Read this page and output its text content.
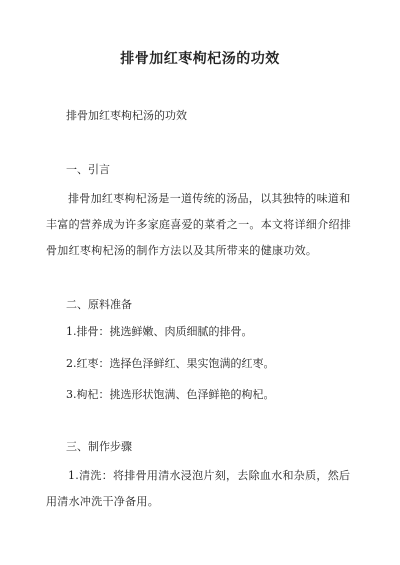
排骨加红枣枸杞汤的功效
排骨加红枣枸杞汤的功效
一、引言
排骨加红枣枸杞汤是一道传统的汤品，以其独特的味道和丰富的营养成为许多家庭喜爱的菜肴之一。本文将详细介绍排骨加红枣枸杞汤的制作方法以及其所带来的健康功效。
二、原料准备
1.排骨：挑选鲜嫩、肉质细腻的排骨。
2.红枣：选择色泽鲜红、果实饱满的红枣。
3.枸杞：挑选形状饱满、色泽鲜艳的枸杞。
三、制作步骤
1.清洗：将排骨用清水浸泡片刻，去除血水和杂质，然后用清水冲洗干净备用。
